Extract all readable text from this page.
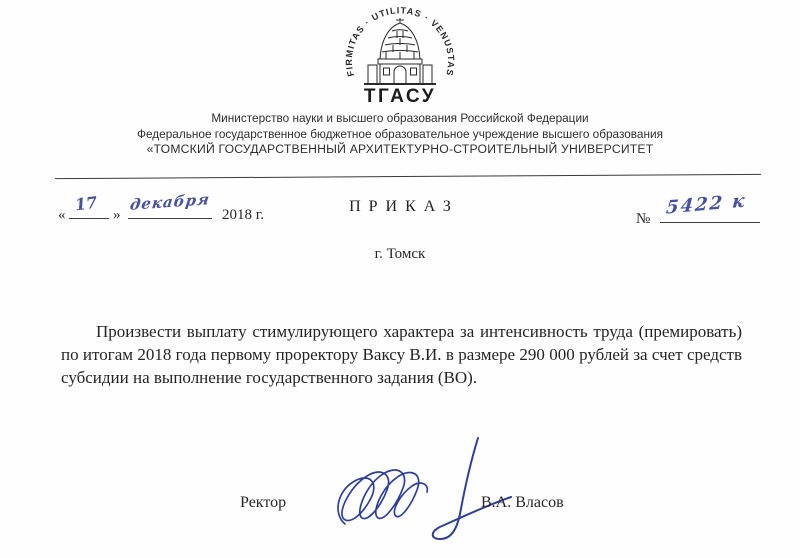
FIRMITAS · UTILITAS · VENUSTAS
ТГАСУ
Министерство науки и высшего образования Российской Федерации
Федеральное государственное бюджетное образовательное учреждение высшего образования
«ТОМСКИЙ ГОСУДАРСТВЕННЫЙ АРХИТЕКТУРНО-СТРОИТЕЛЬНЫЙ УНИВЕРСИТЕТ
«
17
»
декабря
2018 г.	ПРИКАЗ
№
5422 к
г. Томск

Произвести выплату стимулирующего характера за интенсивность труда (премировать) по итогам 2018 года первому проректору Ваксу В.И. в размере 290 000 рублей за счет средств субсидии на выполнение государственного задания (ВО).

Ректор	В.А. Власов
